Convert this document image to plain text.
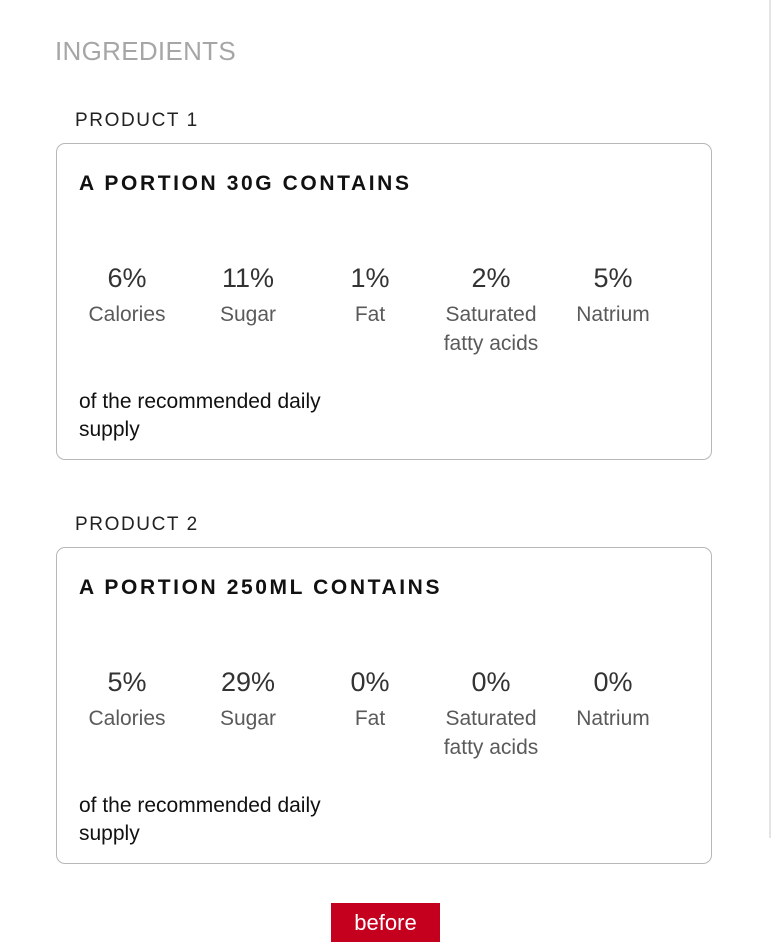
INGREDIENTS
PRODUCT 1
A PORTION 30G CONTAINS
6%
Calories
11%
Sugar
1%
Fat
2%
Saturated fatty acids
5%
Natrium

of the recommended daily supply

PRODUCT 2
A PORTION 250ML CONTAINS
5%
Calories
29%
Sugar
0%
Fat
0%
Saturated fatty acids
0%
Natrium

of the recommended daily supply

before
